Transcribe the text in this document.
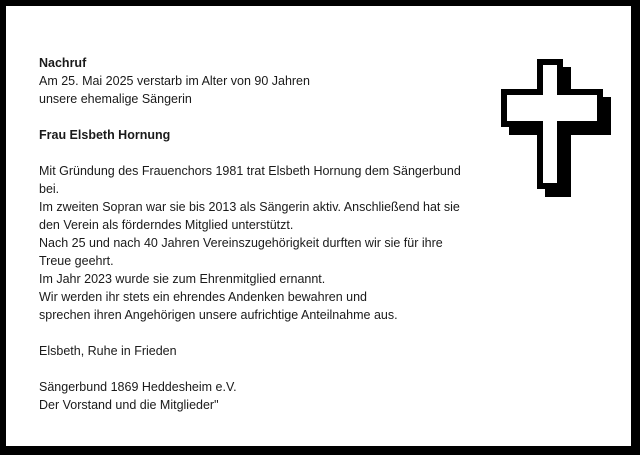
Nachruf
Am 25. Mai 2025 verstarb im Alter von 90 Jahren
unsere ehemalige Sängerin
Frau Elsbeth Hornung
Mit Gründung des Frauenchors 1981 trat Elsbeth Hornung dem Sängerbund
bei.
Im zweiten Sopran war sie bis 2013 als Sängerin aktiv. Anschließend hat sie
den Verein als förderndes Mitglied unterstützt.
Nach 25 und nach 40 Jahren Vereinszugehörigkeit durften wir sie für ihre
Treue geehrt.
Im Jahr 2023 wurde sie zum Ehrenmitglied ernannt.
Wir werden ihr stets ein ehrendes Andenken bewahren und
sprechen ihren Angehörigen unsere aufrichtige Anteilnahme aus.
Elsbeth, Ruhe in Frieden
Sängerbund 1869 Heddesheim e.V.
Der Vorstand und die Mitglieder"
